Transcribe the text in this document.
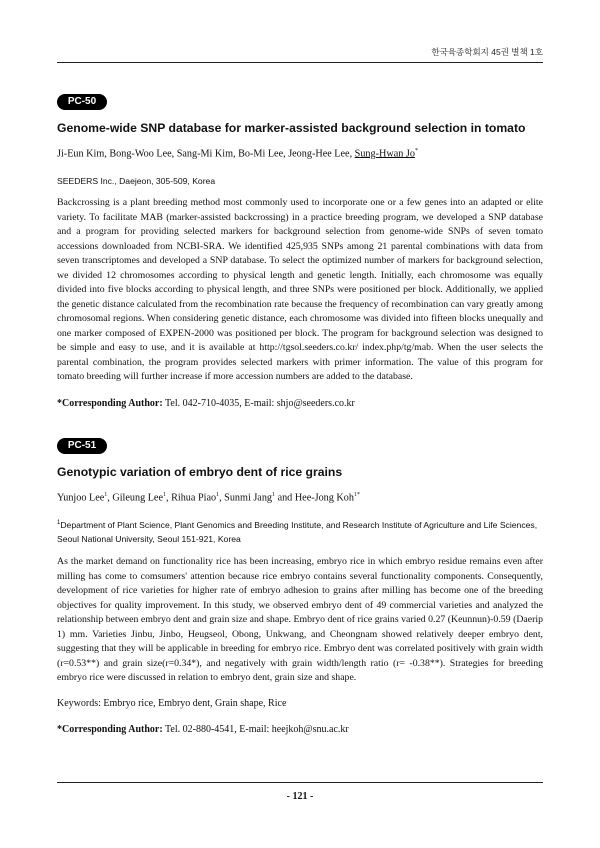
한국육종학회지 45권 별책 1호
PC-50
Genome-wide SNP database for marker-assisted background selection in tomato
Ji-Eun Kim, Bong-Woo Lee, Sang-Mi Kim, Bo-Mi Lee, Jeong-Hee Lee, Sung-Hwan Jo*
SEEDERS Inc., Daejeon, 305-509, Korea

Backcrossing is a plant breeding method most commonly used to incorporate one or a few genes into an adapted or elite variety. To facilitate MAB (marker-assisted backcrossing) in a practice breeding program, we developed a SNP database and a program for providing selected markers for background selection from genome-wide SNPs of seven tomato accessions downloaded from NCBI-SRA. We identified 425,935 SNPs among 21 parental combinations with data from seven transcriptomes and developed a SNP database. To select the optimized number of markers for background selection, we divided 12 chromosomes according to physical length and genetic length. Initially, each chromosome was equally divided into five blocks according to physical length, and three SNPs were positioned per block. Additionally, we applied the genetic distance calculated from the recombination rate because the frequency of recombination can vary greatly among chromosomal regions. When considering genetic distance, each chromosome was divided into fifteen blocks unequally and one marker composed of EXPEN-2000 was positioned per block. The program for background selection was designed to be simple and easy to use, and it is available at http://tgsol.seeders.co.kr/ index.php/tg/mab. When the user selects the parental combination, the program provides selected markers with primer information. The value of this program for tomato breeding will further increase if more accession numbers are added to the database.

*Corresponding Author: Tel. 042-710-4035, E-mail: shjo@seeders.co.kr
PC-51
Genotypic variation of embryo dent of rice grains
Yunjoo Lee$^1$, Gileung Lee$^1$, Rihua Piao$^1$, Sunmi Jang$^1$ and Hee-Jong Koh$^{1*}$
$^1$Department of Plant Science, Plant Genomics and Breeding Institute, and Research Institute of Agriculture and Life Sciences, Seoul National University, Seoul 151-921, Korea

As the market demand on functionality rice has been increasing, embryo rice in which embryo residue remains even after milling has come to comsumers' attention because rice embryo contains several functionality components. Consequently, development of rice varieties for higher rate of embryo adhesion to grains after milling has become one of the breeding objectives for quality improvement. In this study, we observed embryo dent of 49 commercial varieties and analyzed the relationship between embryo dent and grain size and shape. Embryo dent of rice grains varied 0.27 (Keunnun)-0.59 (Daerip 1) mm. Varieties Jinbu, Jinbo, Heugseol, Obong, Unkwang, and Cheongnam showed relatively deeper embryo dent, suggesting that they will be applicable in breeding for embryo rice. Embryo dent was correlated positively with grain width (r=0.53**) and grain size(r=0.34*), and negatively with grain width/length ratio (r= -0.38**). Strategies for breeding embryo rice were discussed in relation to embryo dent, grain size and shape.

Keywords: Embryo rice, Embryo dent, Grain shape, Rice
*Corresponding Author: Tel. 02-880-4541, E-mail: heejkoh@snu.ac.kr
- 121 -
